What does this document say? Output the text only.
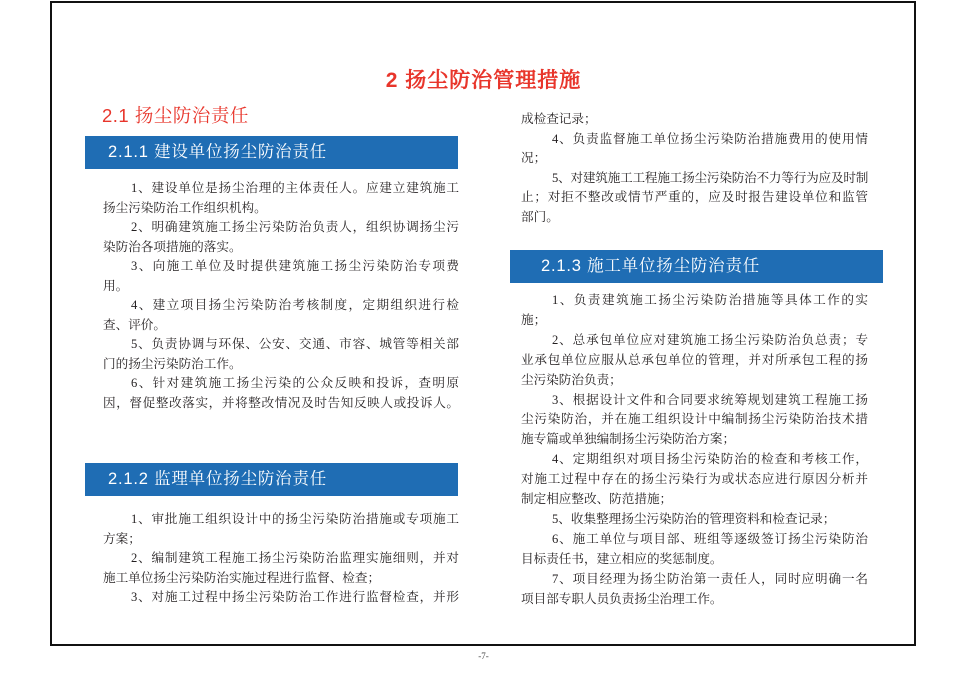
2 扬尘防治管理措施
2.1 扬尘防治责任
2.1.1 建设单位扬尘防治责任
1、建设单位是扬尘治理的主体责任人。应建立建筑施工
扬尘污染防治工作组织机构。
2、明确建筑施工扬尘污染防治负责人，组织协调扬尘污
染防治各项措施的落实。
3、向施工单位及时提供建筑施工扬尘污染防治专项费
用。
4、建立项目扬尘污染防治考核制度，定期组织进行检
查、评价。
5、负责协调与环保、公安、交通、市容、城管等相关部
门的扬尘污染防治工作。
6、针对建筑施工扬尘污染的公众反映和投诉，查明原
因，督促整改落实，并将整改情况及时告知反映人或投诉人。
2.1.2 监理单位扬尘防治责任
1、审批施工组织设计中的扬尘污染防治措施或专项施工
方案；
2、编制建筑工程施工扬尘污染防治监理实施细则，并对
施工单位扬尘污染防治实施过程进行监督、检查；
3、对施工过程中扬尘污染防治工作进行监督检查，并形
成检查记录；
4、负责监督施工单位扬尘污染防治措施费用的使用情
况；
5、对建筑施工工程施工扬尘污染防治不力等行为应及时制
止；对拒不整改或情节严重的，应及时报告建设单位和监管
部门。
2.1.3 施工单位扬尘防治责任
1、负责建筑施工扬尘污染防治措施等具体工作的实
施；
2、总承包单位应对建筑施工扬尘污染防治负总责；专
业承包单位应服从总承包单位的管理，并对所承包工程的扬
尘污染防治负责；
3、根据设计文件和合同要求统筹规划建筑工程施工扬
尘污染防治，并在施工组织设计中编制扬尘污染防治技术措
施专篇或单独编制扬尘污染防治方案；
4、定期组织对项目扬尘污染防治的检查和考核工作，
对施工过程中存在的扬尘污染行为或状态应进行原因分析并
制定相应整改、防范措施；
5、收集整理扬尘污染防治的管理资料和检查记录；
6、施工单位与项目部、班组等逐级签订扬尘污染防治
目标责任书，建立相应的奖惩制度。
7、项目经理为扬尘防治第一责任人，同时应明确一名
项目部专职人员负责扬尘治理工作。
-7-
